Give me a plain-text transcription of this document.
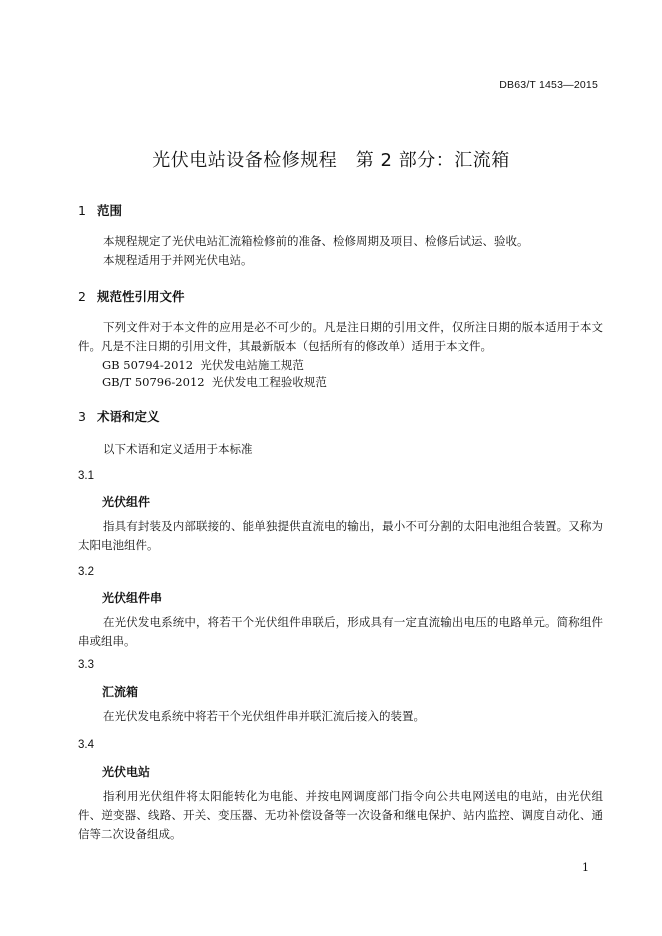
DB63/T 1453—2015
光伏电站设备检修规程　第 2 部分：汇流箱
1 范围
本规程规定了光伏电站汇流箱检修前的准备、检修周期及项目、检修后试运、验收。
本规程适用于并网光伏电站。
2 规范性引用文件
下列文件对于本文件的应用是必不可少的。凡是注日期的引用文件，仅所注日期的版本适用于本文件。凡是不注日期的引用文件，其最新版本（包括所有的修改单）适用于本文件。
GB 50794-2012  光伏发电站施工规范
GB/T 50796-2012  光伏发电工程验收规范
3 术语和定义
以下术语和定义适用于本标准
3.1
光伏组件
指具有封装及内部联接的、能单独提供直流电的输出，最小不可分割的太阳电池组合装置。又称为太阳电池组件。
3.2
光伏组件串
在光伏发电系统中，将若干个光伏组件串联后，形成具有一定直流输出电压的电路单元。简称组件串或组串。
3.3
汇流箱
在光伏发电系统中将若干个光伏组件串并联汇流后接入的装置。
3.4
光伏电站
指利用光伏组件将太阳能转化为电能、并按电网调度部门指令向公共电网送电的电站，由光伏组件、逆变器、线路、开关、变压器、无功补偿设备等一次设备和继电保护、站内监控、调度自动化、通信等二次设备组成。
1
